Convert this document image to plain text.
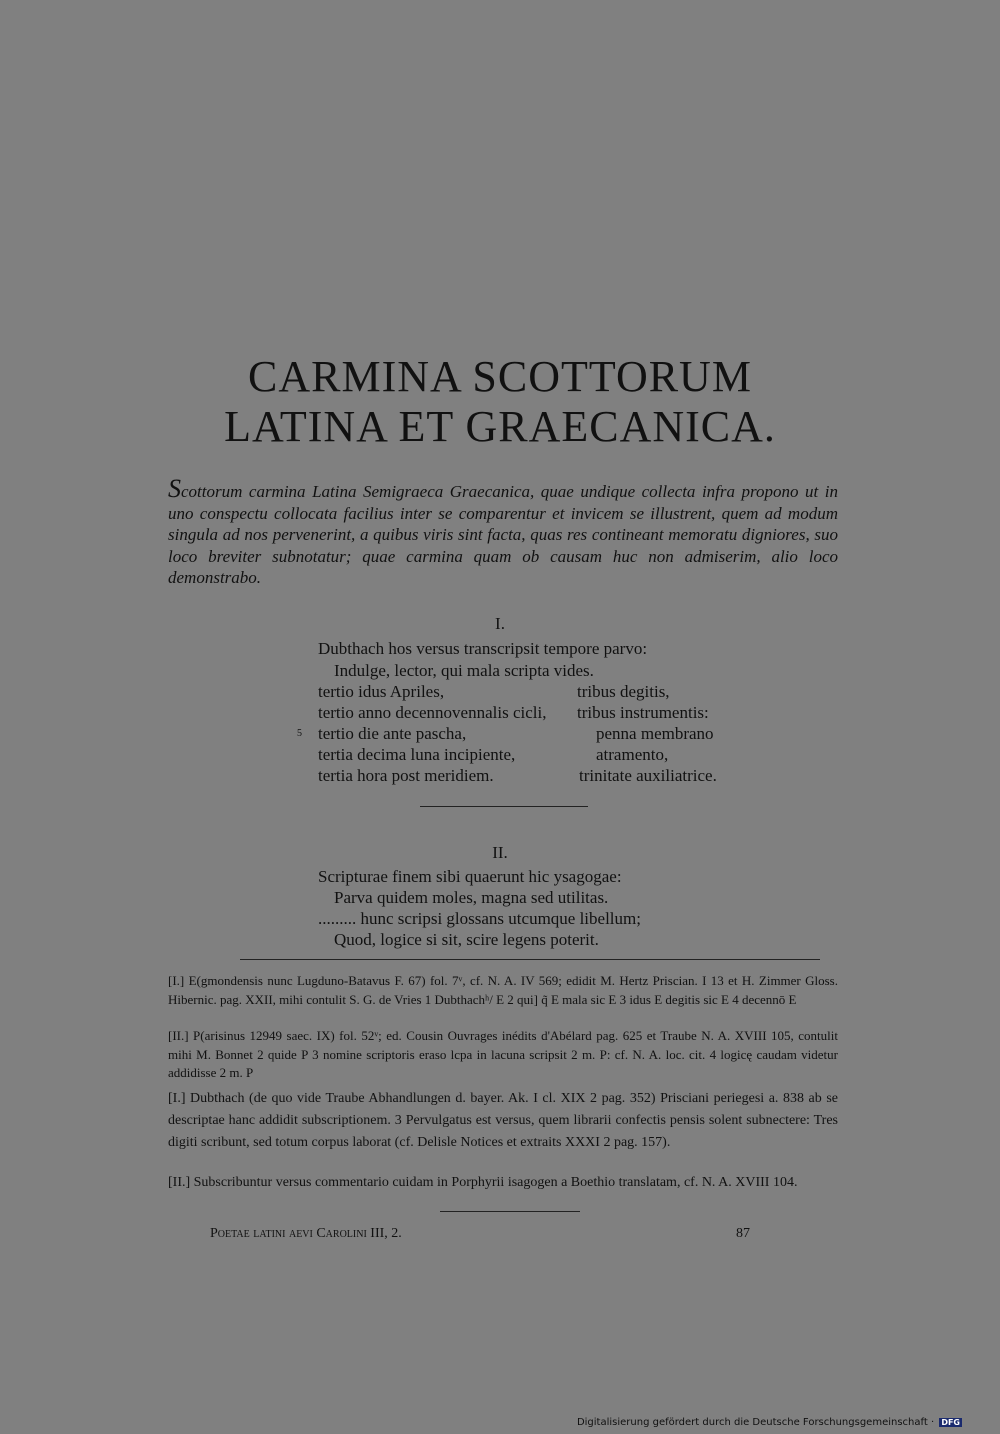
CARMINA SCOTTORUM
LATINA ET GRAECANICA.
Scottorum carmina Latina Semigraeca Graecanica, quae undique collecta infra propono ut in uno conspectu collocata facilius inter se comparentur et invicem se illustrent, quem ad modum singula ad nos pervenerint, a quibus viris sint facta, quas res contineant memoratu digniores, suo loco breviter subnotatur; quae carmina quam ob causam huc non admiserim, alio loco demonstrabo.
I.
Dubthach hos versus transcripsit tempore parvo:
Indulge, lector, qui mala scripta vides.
tertio idus Apriles,
tertio anno decennovennalis cicli,
tertio die ante pascha,
tertia decima luna incipiente,
tertia hora post meridiem.
tribus degitis,
tribus instrumentis:
penna membrano
atramento,
trinitate auxiliatrice.
5
II.
Scripturae finem sibi quaerunt hic ysagogae:
Parva quidem moles, magna sed utilitas.
......... hunc scripsi glossans utcumque libellum;
Quod, logice si sit, scire legens poterit.
[I.] E(gmondensis nunc Lugduno-Batavus F. 67) fol. 7ᵛ, cf. N. A. IV 569; edidit M. Hertz Priscian. I 13 et H. Zimmer Gloss. Hibernic. pag. XXII, mihi contulit S. G. de Vries 1 Dubthachʰ/ E 2 qui] q̃ E mala sic E 3 idus E degitis sic E 4 decennō E
[II.] P(arisinus 12949 saec. IX) fol. 52ᵛ; ed. Cousin Ouvrages inédits d'Abélard pag. 625 et Traube N. A. XVIII 105, contulit mihi M. Bonnet 2 quide P 3 nomine scriptoris eraso lcpa in lacuna scripsit 2 m. P: cf. N. A. loc. cit. 4 logicę caudam videtur addidisse 2 m. P
[I.] Dubthach (de quo vide Traube Abhandlungen d. bayer. Ak. I cl. XIX 2 pag. 352) Prisciani periegesi a. 838 ab se descriptae hanc addidit subscriptionem. 3 Pervulgatus est versus, quem librarii confectis pensis solent subnectere: Tres digiti scribunt, sed totum corpus laborat (cf. Delisle Notices et extraits XXXI 2 pag. 157).
[II.] Subscribuntur versus commentario cuidam in Porphyrii isagogen a Boethio translatam, cf. N. A. XVIII 104.
Poetae latini aevi Carolini III, 2.	87
Digitalisierung gefördert durch die Deutsche Forschungsgemeinschaft · DFG
